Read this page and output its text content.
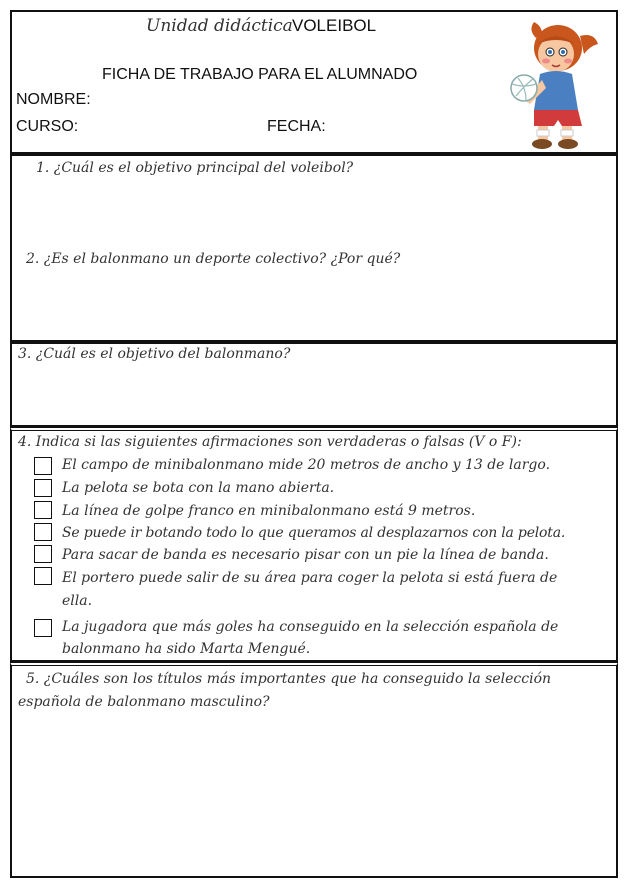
Unidad didáctica VOLEIBOL
FICHA DE TRABAJO PARA EL ALUMNADO
NOMBRE:
CURSO:	FECHA:
1. ¿Cuál es el objetivo principal del voleibol?
2. ¿Es el balonmano un deporte colectivo? ¿Por qué?
3. ¿Cuál es el objetivo del balonmano?
4. Indica si las siguientes afirmaciones son verdaderas o falsas (V o F):
El campo de minibalonmano mide 20 metros de ancho y 13 de largo.
La pelota se bota con la mano abierta.
La línea de golpe franco en minibalonmano está 9 metros.
Se puede ir botando todo lo que queramos al desplazarnos con la pelota.
Para sacar de banda es necesario pisar con un pie la línea de banda.
El portero puede salir de su área para coger la pelota si está fuera de
ella.
La jugadora que más goles ha conseguido en la selección española de
balonmano ha sido Marta Mengué.
5. ¿Cuáles son los títulos más importantes que ha conseguido la selección
española de balonmano masculino?
